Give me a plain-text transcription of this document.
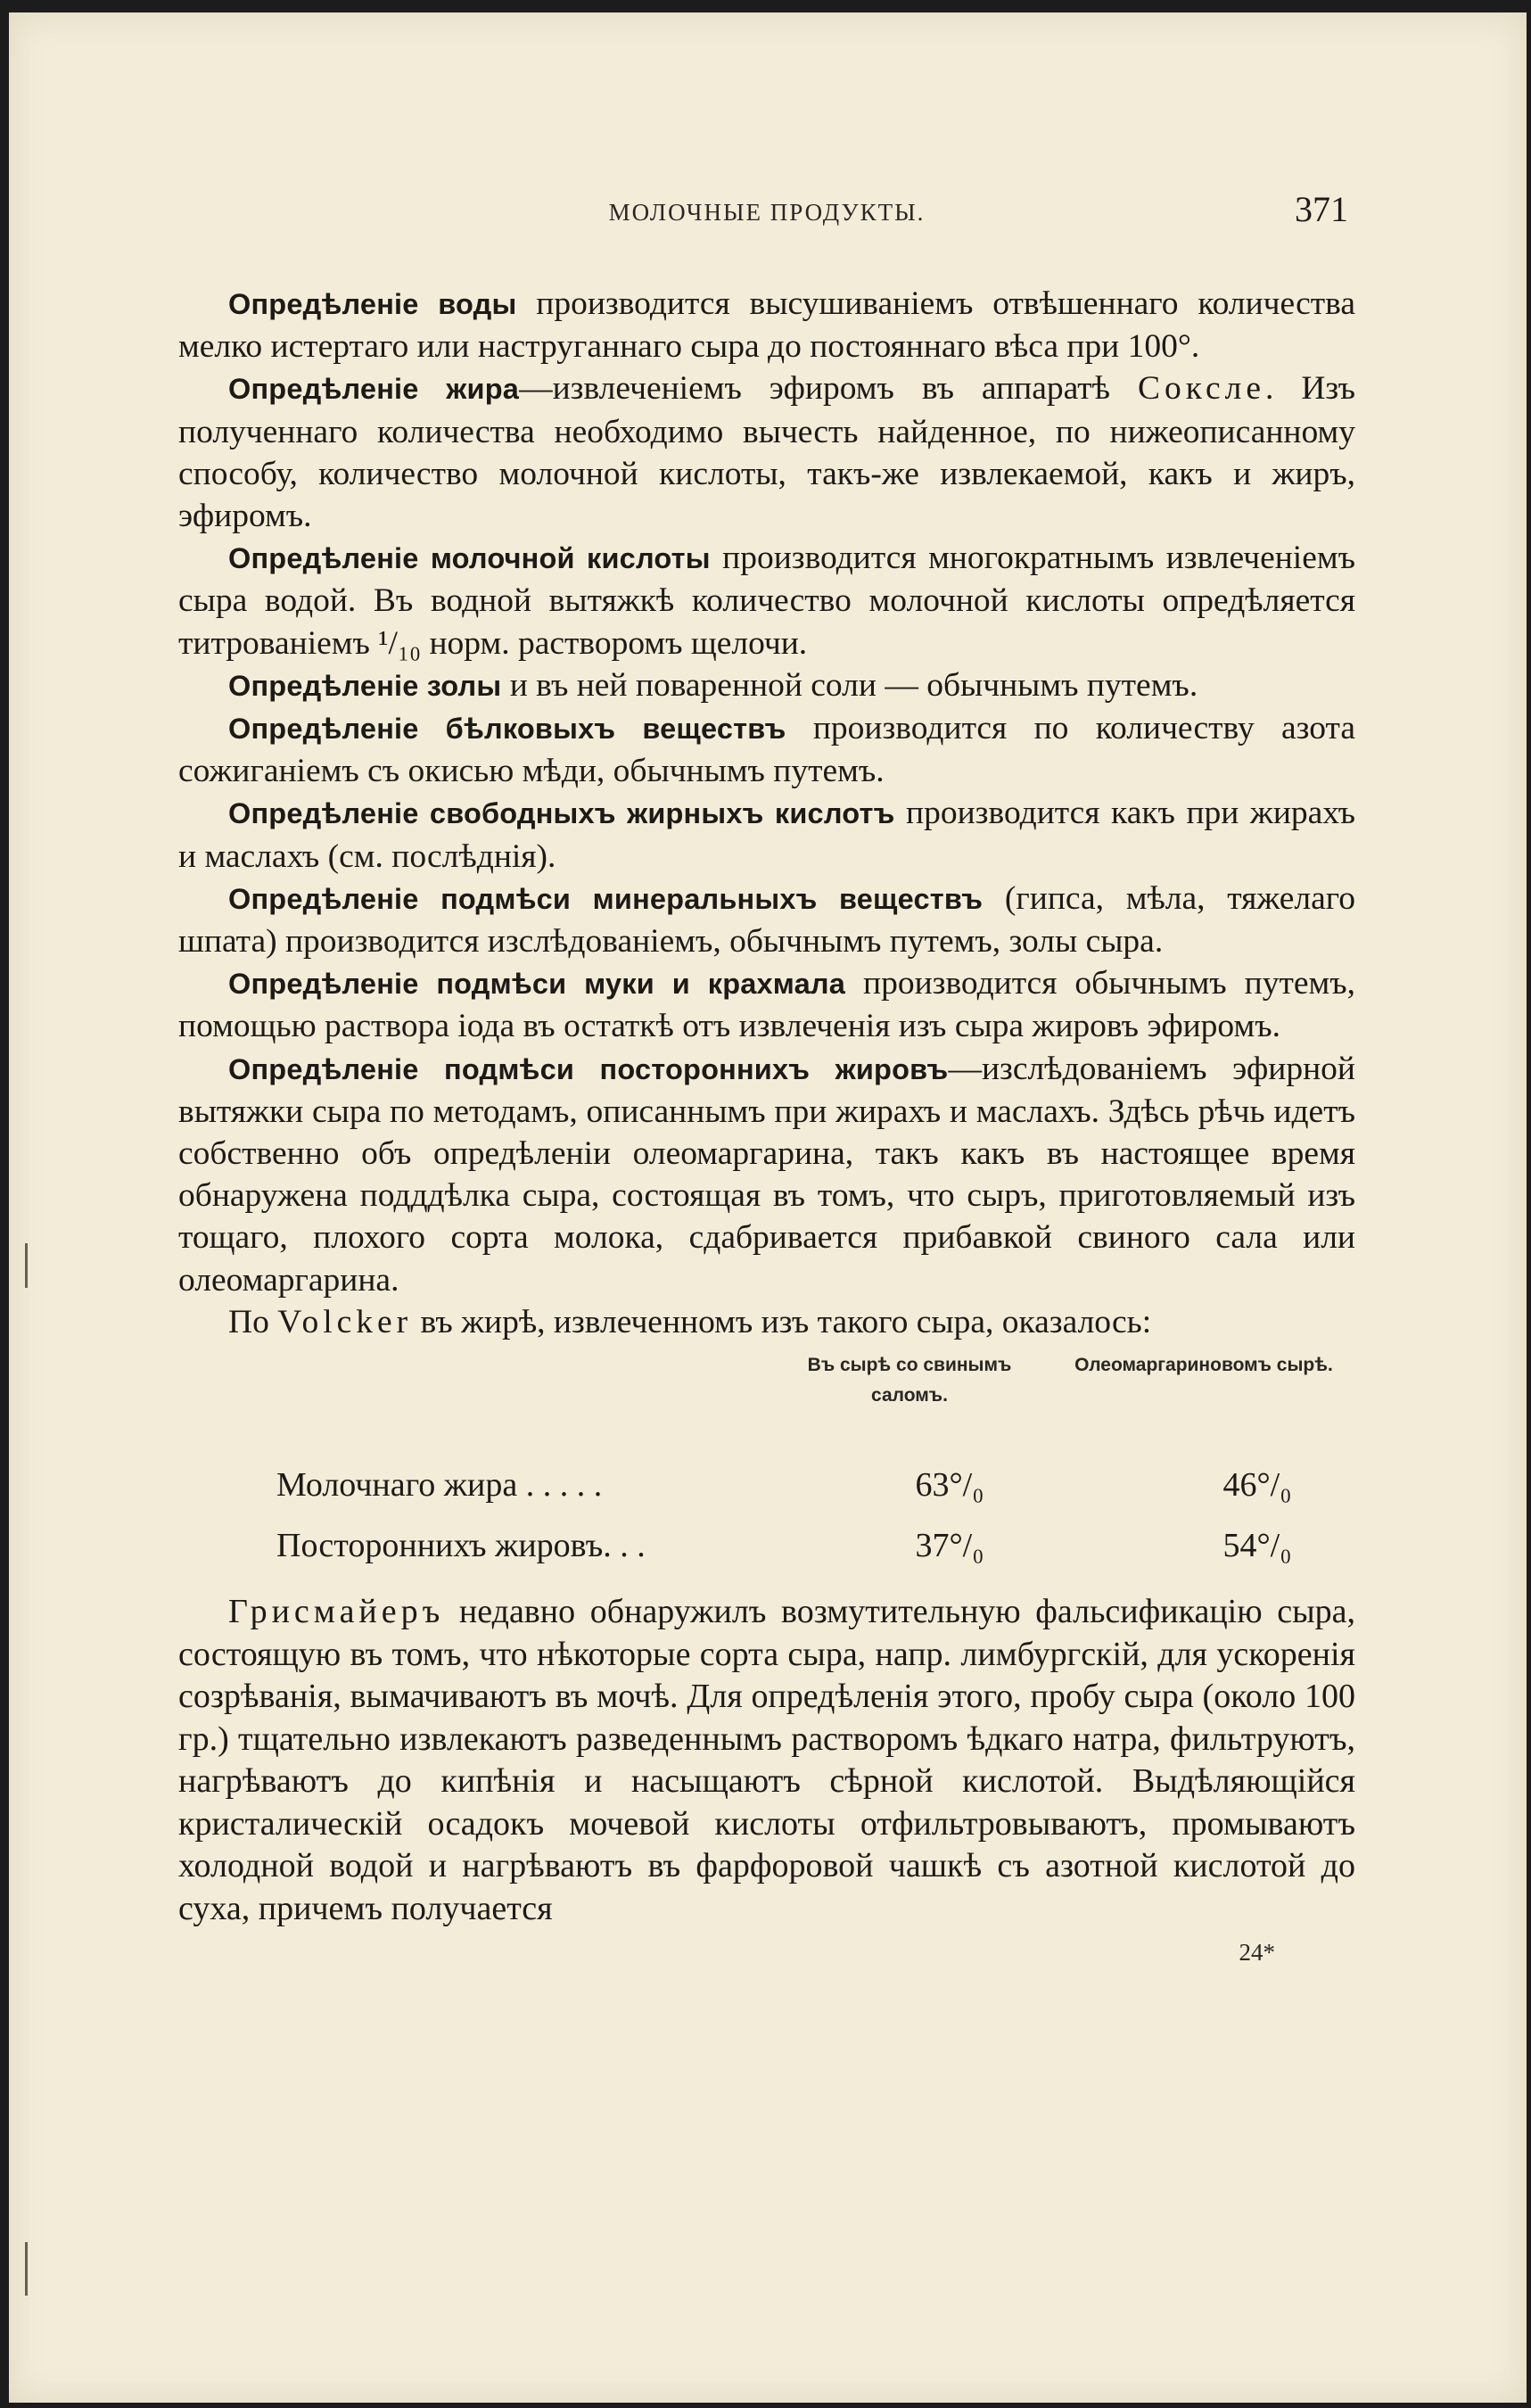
МОЛОЧНЫЕ ПРОДУКТЫ.	371

Опредѣленіе воды производится высушиваніемъ отвѣшеннаго количества мелко истертаго или наструганнаго сыра до постояннаго вѣса при 100°.

Опредѣленіе жира—извлеченіемъ эфиромъ въ аппаратѣ Сокслe. Изъ полученнаго количества необходимо вычесть найденное, по нижеописанному способу, количество молочной кислоты, такъ-же извлекаемой, какъ и жиръ, эфиромъ.

Опредѣленіе молочной кислоты производится многократнымъ извлеченіемъ сыра водой. Въ водной вытяжкѣ количество молочной кислоты опредѣляется титрованіемъ ¹/₁₀ норм. растворомъ щелочи.

Опредѣленіе золы и въ ней поваренной соли — обычнымъ путемъ.

Опредѣленіе бѣлковыхъ веществъ производится по количеству азота сожиганіемъ съ окисью мѣди, обычнымъ путемъ.

Опредѣленіе свободныхъ жирныхъ кислотъ производится какъ при жирахъ и маслахъ (см. послѣднія).

Опредѣленіе подмѣси минеральныхъ веществъ (гипса, мѣла, тяжелаго шпата) производится изслѣдованіемъ, обычнымъ путемъ, золы сыра.

Опредѣленіе подмѣси муки и крахмала производится обычнымъ путемъ, помощью раствора іода въ остаткѣ отъ извлеченія изъ сыра жировъ эфиромъ.

Опредѣленіе подмѣси постороннихъ жировъ—изслѣдованіемъ эфирной вытяжки сыра по методамъ, описаннымъ при жирахъ и маслахъ. Здѣсь рѣчь идетъ собственно объ опредѣленіи олеомаргарина, такъ какъ въ настоящее время обнаружена подддѣлка сыра, состоящая въ томъ, что сыръ, приготовляемый изъ тощаго, плохого сорта молока, сдабривается прибавкой свиного сала или олеомаргарина.

По Volcker въ жирѣ, извлеченномъ изъ такого сыра, оказалось:

Въ сырѣ со свинымъ саломъ.
Олеомаргариновомъ сырѣ.
Молочнаго жира . . . . .	63°/₀	46°/₀
Постороннихъ жировъ. . .	37°/₀	54°/₀

Грисмайеръ недавно обнаружилъ возмутительную фальсификацію сыра, состоящую въ томъ, что нѣкоторые сорта сыра, напр. лимбургскій, для ускоренія созрѣванія, вымачиваютъ въ мочѣ. Для опредѣленія этого, пробу сыра (около 100 гр.) тщательно извлекаютъ разведеннымъ растворомъ ѣдкаго натра, фильтруютъ, нагрѣваютъ до кипѣнія и насыщаютъ сѣрной кислотой. Выдѣляющійся кристалическій осадокъ мочевой кислоты отфильтровываютъ, промываютъ холодной водой и нагрѣваютъ въ фарфоровой чашкѣ съ азотной кислотой до суха, причемъ получается

24*
